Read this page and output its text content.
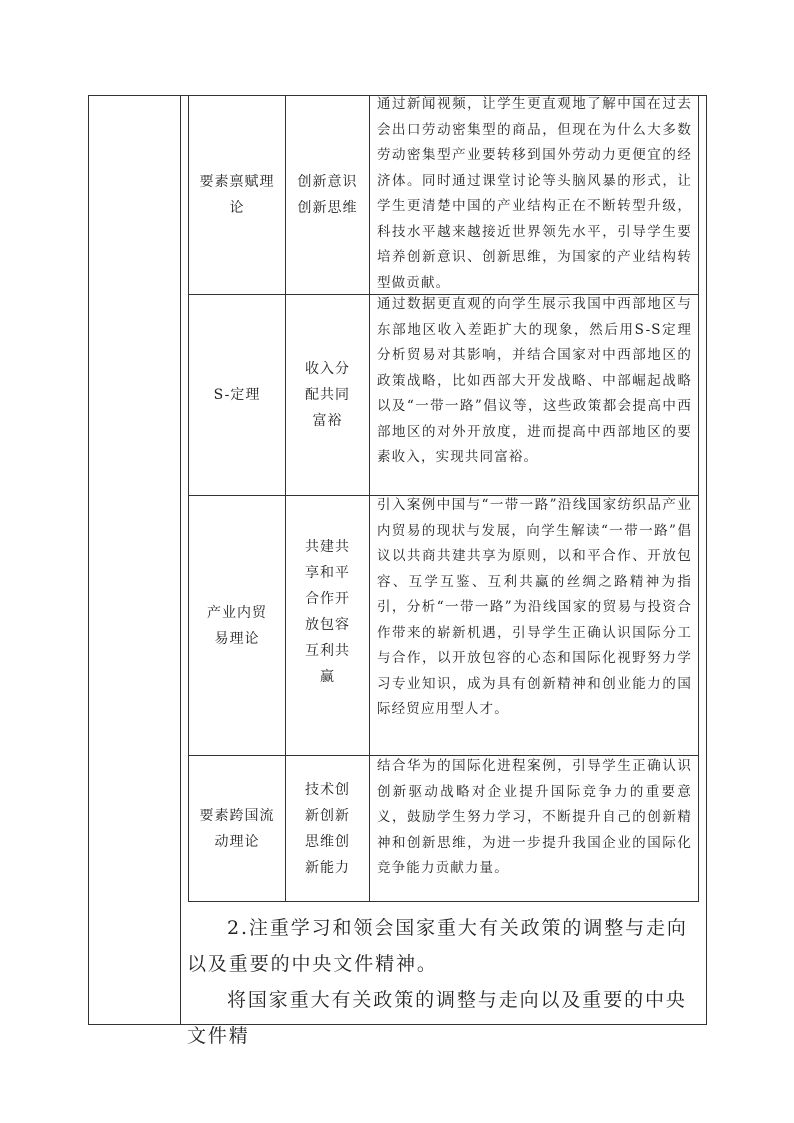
要素禀赋理论
创新意识创新思维
通过新闻视频，让学生更直观地了解中国在过去会出口劳动密集型的商品，但现在为什么大多数劳动密集型产业要转移到国外劳动力更便宜的经济体。同时通过课堂讨论等头脑风暴的形式，让学生更清楚中国的产业结构正在不断转型升级，科技水平越来越接近世界领先水平，引导学生要培养创新意识、创新思维，为国家的产业结构转型做贡献。
S-定理
收入分配共同富裕
通过数据更直观的向学生展示我国中西部地区与东部地区收入差距扩大的现象，然后用S-S定理分析贸易对其影响，并结合国家对中西部地区的政策战略，比如西部大开发战略、中部崛起战略以及“一带一路”倡议等，这些政策都会提高中西部地区的对外开放度，进而提高中西部地区的要素收入，实现共同富裕。
产业内贸易理论
共建共享和平合作开放包容互利共赢
引入案例中国与“一带一路”沿线国家纺织品产业内贸易的现状与发展，向学生解读“一带一路”倡议以共商共建共享为原则，以和平合作、开放包容、互学互鉴、互利共赢的丝绸之路精神为指引，分析“一带一路”为沿线国家的贸易与投资合作带来的崭新机遇，引导学生正确认识国际分工与合作，以开放包容的心态和国际化视野努力学习专业知识，成为具有创新精神和创业能力的国际经贸应用型人才。
要素跨国流动理论
技术创新创新思维创新能力
结合华为的国际化进程案例，引导学生正确认识创新驱动战略对企业提升国际竞争力的重要意义，鼓励学生努力学习，不断提升自己的创新精神和创新思维，为进一步提升我国企业的国际化竞争能力贡献力量。
2.注重学习和领会国家重大有关政策的调整与走向以及重要的中央文件精神。
将国家重大有关政策的调整与走向以及重要的中央文件精
